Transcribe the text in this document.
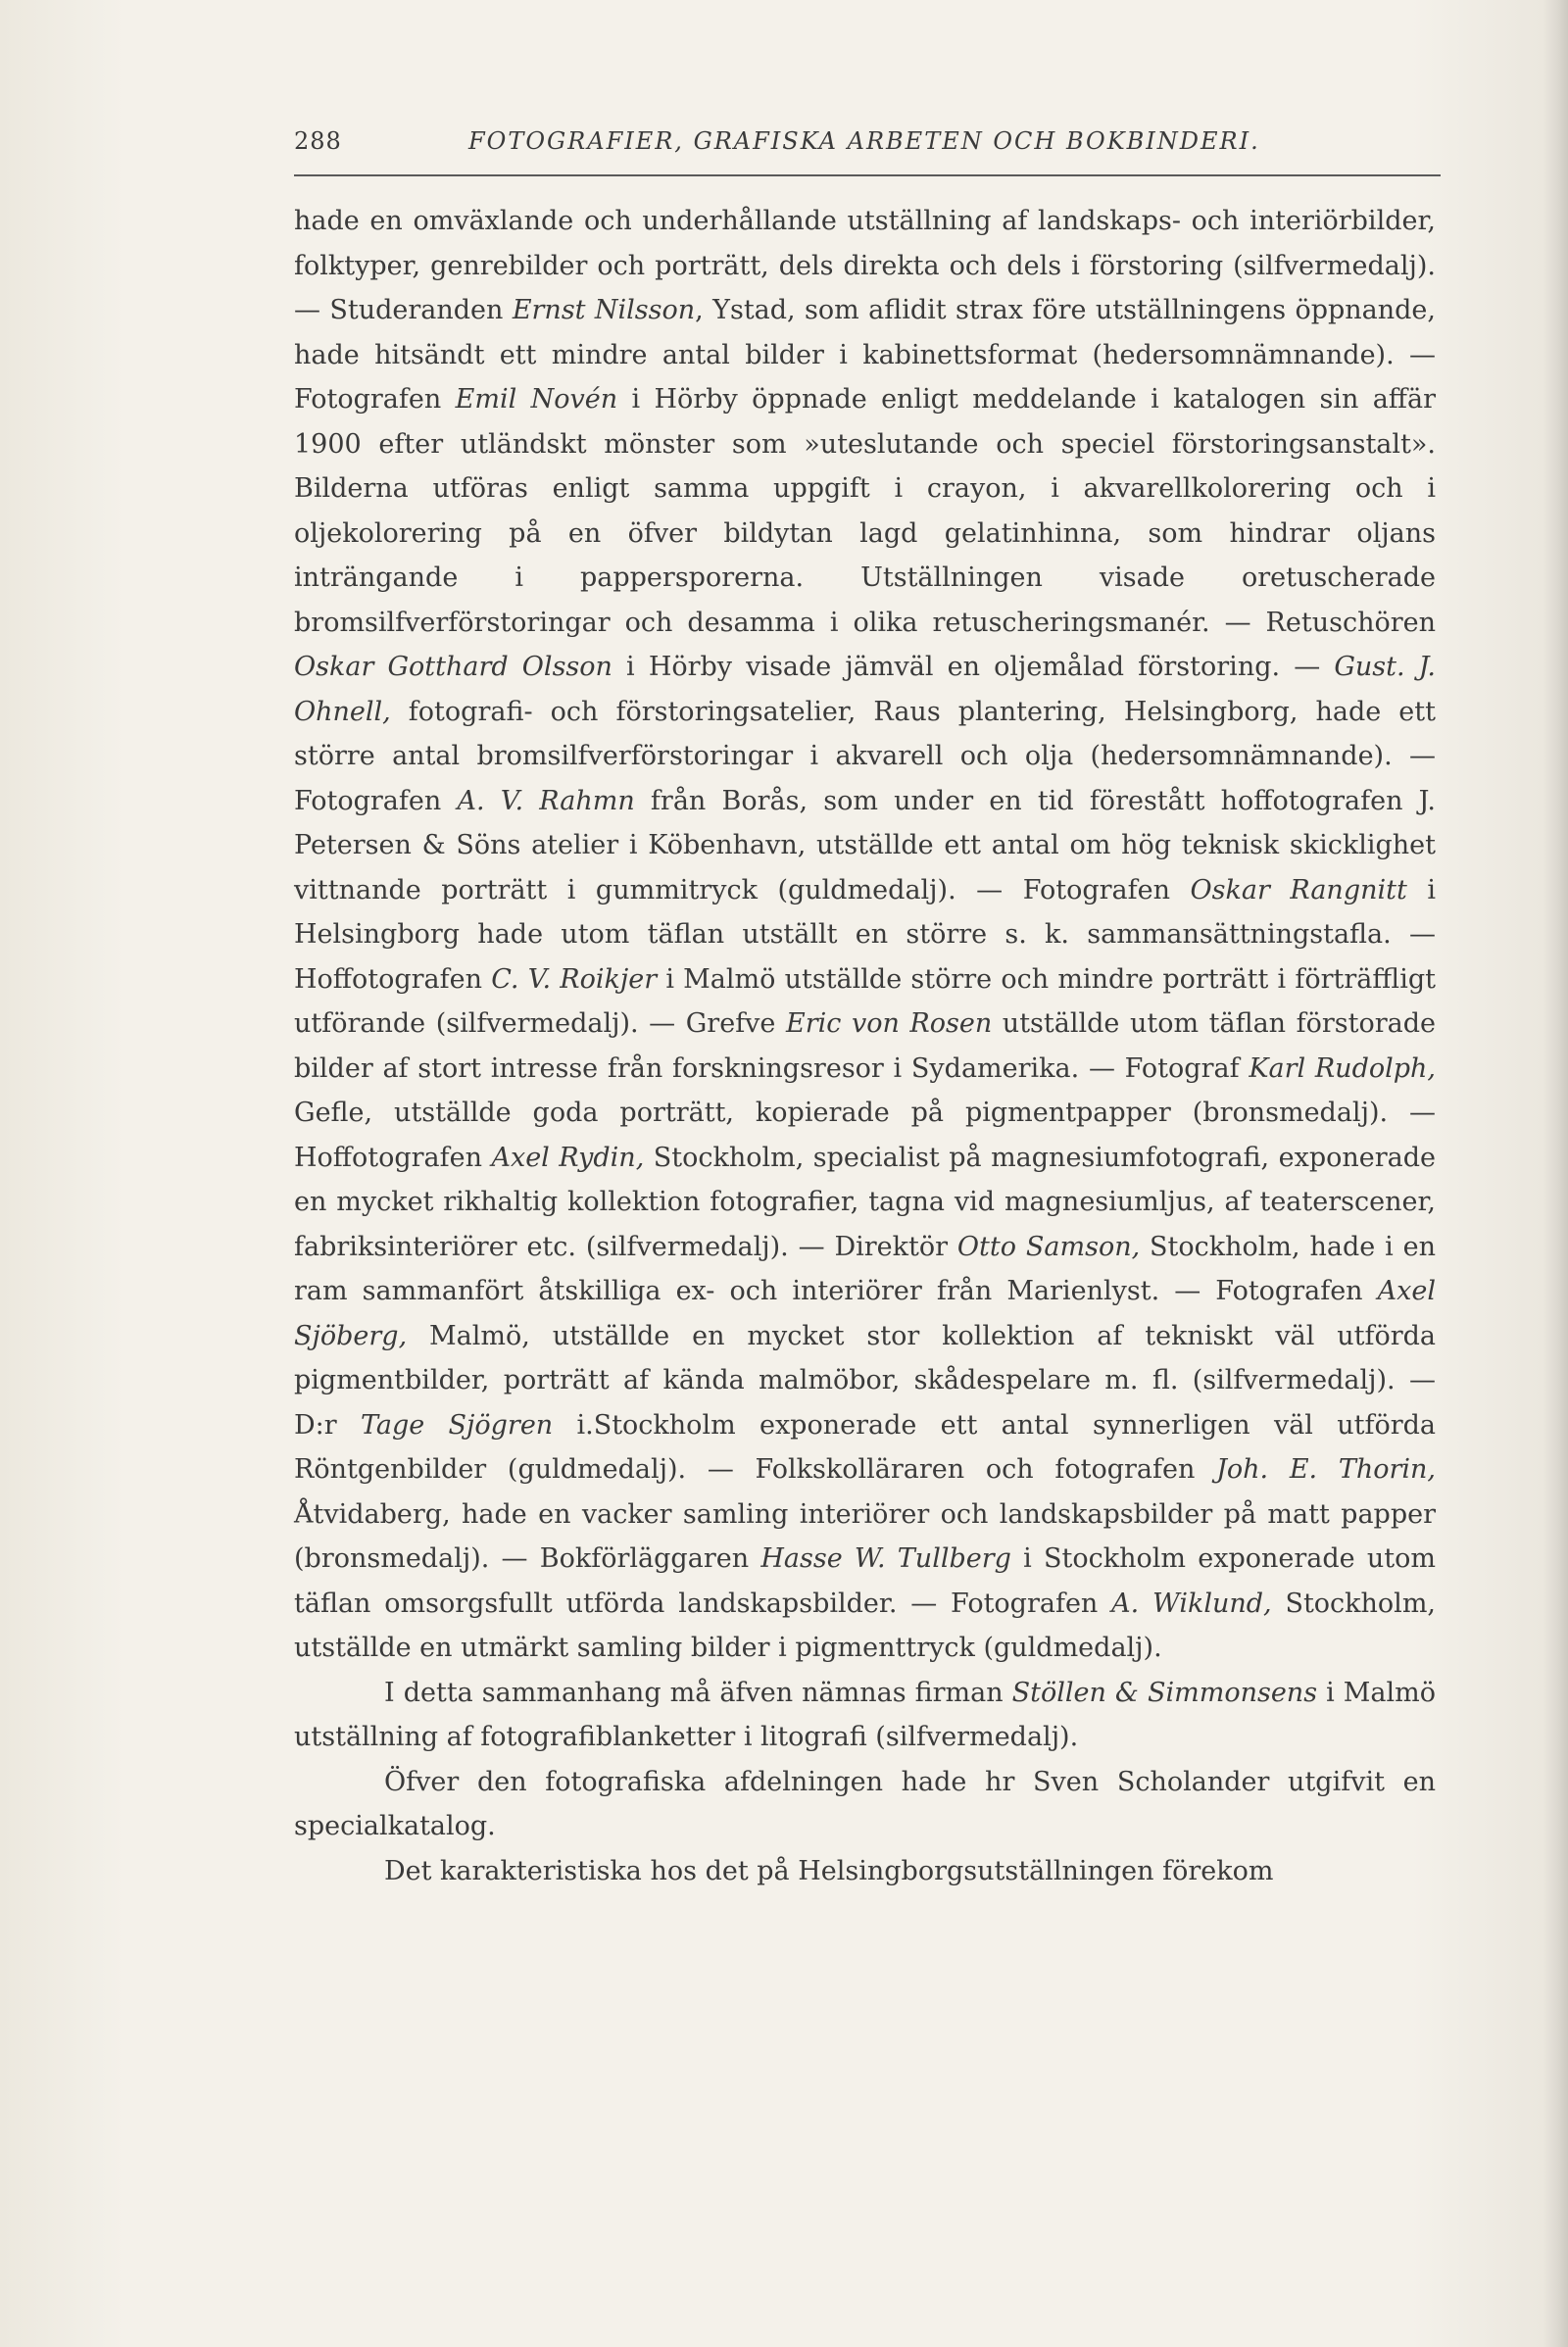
288	FOTOGRAFIER, GRAFISKA ARBETEN OCH BOKBINDERI.

hade en omväxlande och underhållande utställning af landskaps- och interiörbilder, folktyper, genrebilder och porträtt, dels direkta och dels i förstoring (silfvermedalj). — Studeranden Ernst Nilsson, Ystad, som aflidit strax före utställningens öppnande, hade hitsändt ett mindre antal bilder i kabinettsformat (hedersomnämnande). — Fotografen Emil Novén i Hörby öppnade enligt meddelande i katalogen sin affär 1900 efter utländskt mönster som »uteslutande och speciel förstoringsanstalt». Bilderna utföras enligt samma uppgift i crayon, i akvarellkolorering och i oljekolorering på en öfver bildytan lagd gelatinhinna, som hindrar oljans inträngande i pappersporerna. Utställningen visade oretuscherade bromsilfverförstoringar och desamma i olika retuscheringsmanér. — Retuschören Oskar Gotthard Olsson i Hörby visade jämväl en oljemålad förstoring. — Gust. J. Ohnell, fotografi- och förstoringsatelier, Raus plantering, Helsingborg, hade ett större antal bromsilfverförstoringar i akvarell och olja (hedersomnämnande). — Fotografen A. V. Rahmn från Borås, som under en tid förestått hoffotografen J. Petersen & Söns atelier i Köbenhavn, utställde ett antal om hög teknisk skicklighet vittnande porträtt i gummitryck (guldmedalj). — Fotografen Oskar Rangnitt i Helsingborg hade utom täflan utställt en större s. k. sammansättningstafla. — Hoffotografen C. V. Roikjer i Malmö utställde större och mindre porträtt i förträffligt utförande (silfvermedalj). — Grefve Eric von Rosen utställde utom täflan förstorade bilder af stort intresse från forskningsresor i Sydamerika. — Fotograf Karl Rudolph, Gefle, utställde goda porträtt, kopierade på pigmentpapper (bronsmedalj). — Hoffotografen Axel Rydin, Stockholm, specialist på magnesiumfotografi, exponerade en mycket rikhaltig kollektion fotografier, tagna vid magnesiumljus, af teaterscener, fabriksinteriörer etc. (silfvermedalj). — Direktör Otto Samson, Stockholm, hade i en ram sammanfört åtskilliga ex- och interiörer från Marienlyst. — Fotografen Axel Sjöberg, Malmö, utställde en mycket stor kollektion af tekniskt väl utförda pigmentbilder, porträtt af kända malmöbor, skådespelare m. fl. (silfvermedalj). — D:r Tage Sjögren i.Stockholm exponerade ett antal synnerligen väl utförda Röntgenbilder (guldmedalj). — Folkskolläraren och fotografen Joh. E. Thorin, Åtvidaberg, hade en vacker samling interiörer och landskapsbilder på matt papper (bronsmedalj). — Bokförläggaren Hasse W. Tullberg i Stockholm exponerade utom täflan omsorgsfullt utförda landskapsbilder. — Fotografen A. Wiklund, Stockholm, utställde en utmärkt samling bilder i pigmenttryck (guldmedalj).

I detta sammanhang må äfven nämnas firman Stöllen & Simmonsens i Malmö utställning af fotografiblanketter i litografi (silfvermedalj).

Öfver den fotografiska afdelningen hade hr Sven Scholander utgifvit en specialkatalog.

Det karakteristiska hos det på Helsingborgsutställningen förekom
